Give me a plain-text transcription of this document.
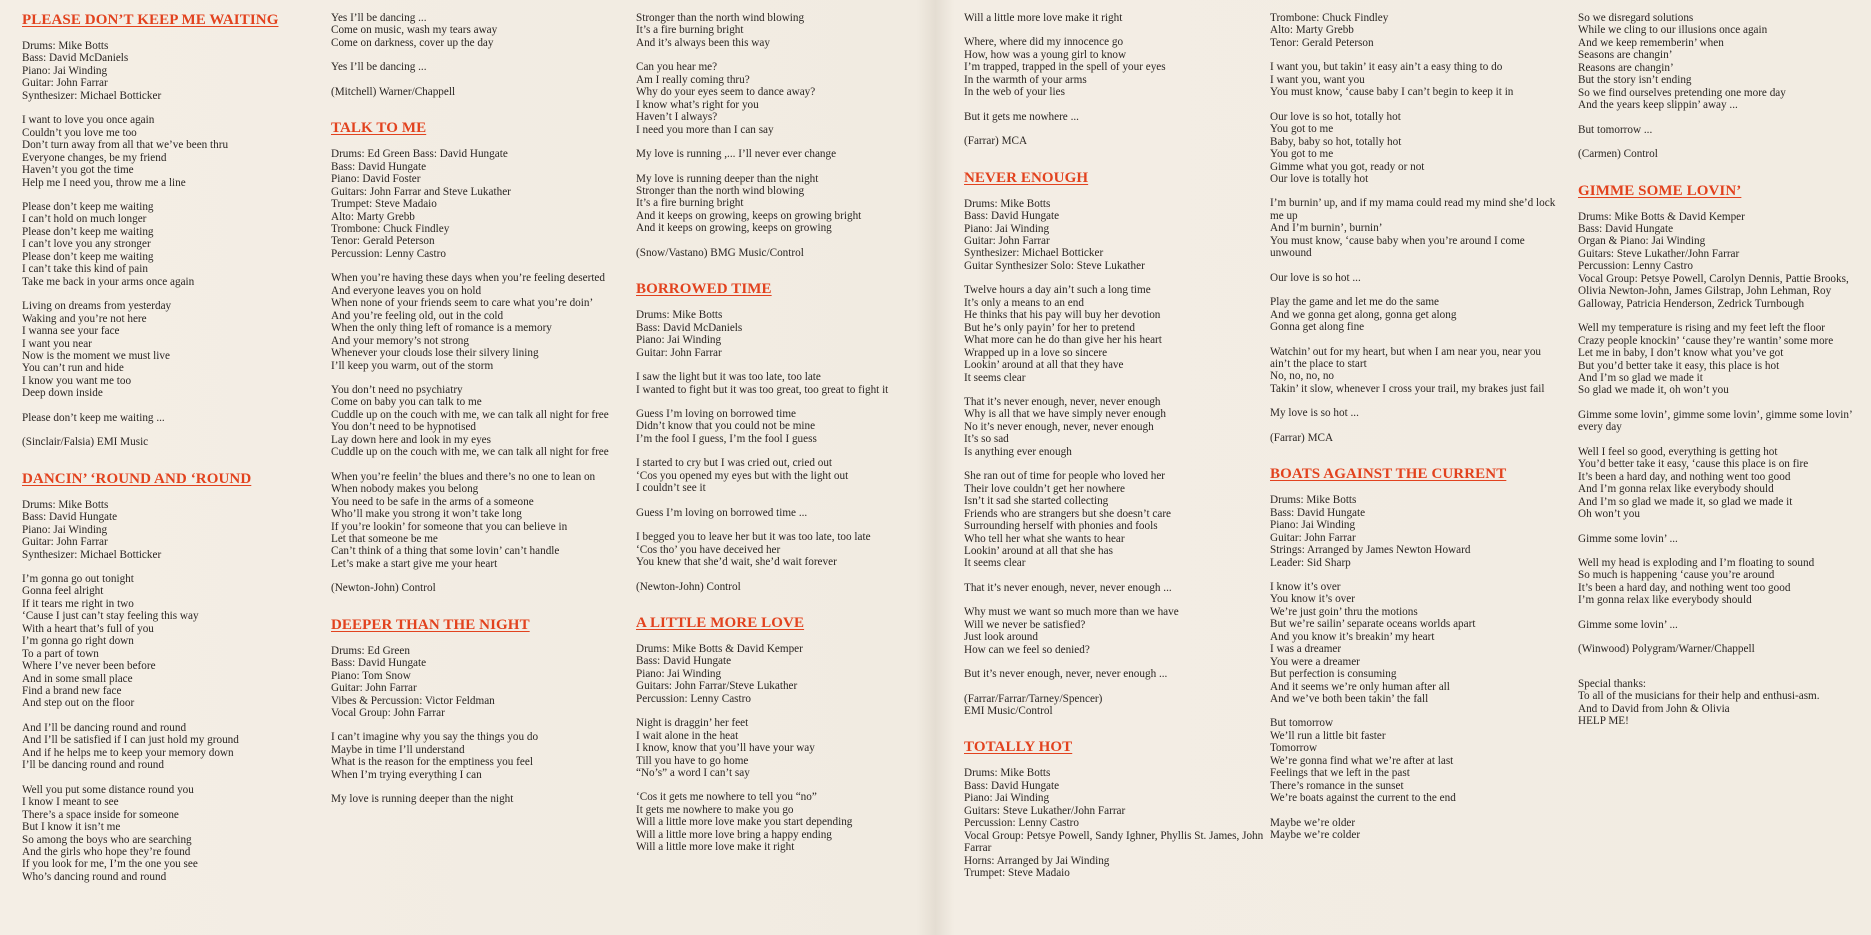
PLEASE DON’T KEEP ME WAITING

Drums: Mike Botts
Bass: David McDaniels
Piano: Jai Winding
Guitar: John Farrar
Synthesizer: Michael Botticker

I want to love you once again
Couldn’t you love me too
Don’t turn away from all that we’ve been thru
Everyone changes, be my friend
Haven’t you got the time
Help me I need you, throw me a line

Please don’t keep me waiting
I can’t hold on much longer
Please don’t keep me waiting
I can’t love you any stronger
Please don’t keep me waiting
I can’t take this kind of pain
Take me back in your arms once again

Living on dreams from yesterday
Waking and you’re not here
I wanna see your face
I want you near
Now is the moment we must live
You can’t run and hide
I know you want me too
Deep down inside

Please don’t keep me waiting ...

(Sinclair/Falsia) EMI Music

DANCIN’ ‘ROUND AND ‘ROUND

Drums: Mike Botts
Bass: David Hungate
Piano: Jai Winding
Guitar: John Farrar
Synthesizer: Michael Botticker

I’m gonna go out tonight
Gonna feel alright
If it tears me right in two
‘Cause I just can’t stay feeling this way
With a heart that’s full of you
I’m gonna go right down
To a part of town
Where I’ve never been before
And in some small place
Find a brand new face
And step out on the floor

And I’ll be dancing round and round
And I’ll be satisfied if I can just hold my ground
And if he helps me to keep your memory down
I’ll be dancing round and round

Well you put some distance round you
I know I meant to see
There’s a space inside for someone
But I know it isn’t me
So among the boys who are searching
And the girls who hope they’re found
If you look for me, I’m the one you see
Who’s dancing round and round

Yes I’ll be dancing ...
Come on music, wash my tears away
Come on darkness, cover up the day

Yes I’ll be dancing ...

(Mitchell) Warner/Chappell

TALK TO ME

Drums: Ed Green Bass: David Hungate
Bass: David Hungate
Piano: David Foster
Guitars: John Farrar and Steve Lukather
Trumpet: Steve Madaio
Alto: Marty Grebb
Trombone: Chuck Findley
Tenor: Gerald Peterson
Percussion: Lenny Castro

When you’re having these days when you’re feeling deserted
And everyone leaves you on hold
When none of your friends seem to care what you’re doin’
And you’re feeling old, out in the cold
When the only thing left of romance is a memory
And your memory’s not strong
Whenever your clouds lose their silvery lining
I’ll keep you warm, out of the storm

You don’t need no psychiatry
Come on baby you can talk to me
Cuddle up on the couch with me, we can talk all night for free
You don’t need to be hypnotised
Lay down here and look in my eyes
Cuddle up on the couch with me, we can talk all night for free

When you’re feelin’ the blues and there’s no one to lean on
When nobody makes you belong
You need to be safe in the arms of a someone
Who’ll make you strong it won’t take long
If you’re lookin’ for someone that you can believe in
Let that someone be me
Can’t think of a thing that some lovin’ can’t handle
Let’s make a start give me your heart

(Newton-John) Control

DEEPER THAN THE NIGHT

Drums: Ed Green
Bass: David Hungate
Piano: Tom Snow
Guitar: John Farrar
Vibes & Percussion: Victor Feldman
Vocal Group: John Farrar

I can’t imagine why you say the things you do
Maybe in time I’ll understand
What is the reason for the emptiness you feel
When I’m trying everything I can

My love is running deeper than the night

Stronger than the north wind blowing
It’s a fire burning bright
And it’s always been this way

Can you hear me?
Am I really coming thru?
Why do your eyes seem to dance away?
I know what’s right for you
Haven’t I always?
I need you more than I can say

My love is running ,... I’ll never ever change

My love is running deeper than the night
Stronger than the north wind blowing
It’s a fire burning bright
And it keeps on growing, keeps on growing bright
And it keeps on growing, keeps on growing

(Snow/Vastano) BMG Music/Control

BORROWED TIME

Drums: Mike Botts
Bass: David McDaniels
Piano: Jai Winding
Guitar: John Farrar

I saw the light but it was too late, too late
I wanted to fight but it was too great, too great to fight it

Guess I’m loving on borrowed time
Didn’t know that you could not be mine
I’m the fool I guess, I’m the fool I guess

I started to cry but I was cried out, cried out
‘Cos you opened my eyes but with the light out
I couldn’t see it

Guess I’m loving on borrowed time ...

I begged you to leave her but it was too late, too late
‘Cos tho’ you have deceived her
You knew that she’d wait, she’d wait forever

(Newton-John) Control

A LITTLE MORE LOVE

Drums: Mike Botts & David Kemper
Bass: David Hungate
Piano: Jai Winding
Guitars: John Farrar/Steve Lukather
Percussion: Lenny Castro

Night is draggin’ her feet
I wait alone in the heat
I know, know that you’ll have your way
Till you have to go home
“No’s” a word I can’t say

‘Cos it gets me nowhere to tell you “no”
It gets me nowhere to make you go
Will a little more love make you start depending
Will a little more love bring a happy ending
Will a little more love make it right

Will a little more love make it right

Where, where did my innocence go
How, how was a young girl to know
I’m trapped, trapped in the spell of your eyes
In the warmth of your arms
In the web of your lies

But it gets me nowhere ...

(Farrar) MCA

NEVER ENOUGH

Drums: Mike Botts
Bass: David Hungate
Piano: Jai Winding
Guitar: John Farrar
Synthesizer: Michael Botticker
Guitar Synthesizer Solo: Steve Lukather

Twelve hours a day ain’t such a long time
It’s only a means to an end
He thinks that his pay will buy her devotion
But he’s only payin’ for her to pretend
What more can he do than give her his heart
Wrapped up in a love so sincere
Lookin’ around at all that they have
It seems clear

That it’s never enough, never, never enough
Why is all that we have simply never enough
No it’s never enough, never, never enough
It’s so sad
Is anything ever enough

She ran out of time for people who loved her
Their love couldn’t get her nowhere
Isn’t it sad she started collecting
Friends who are strangers but she doesn’t care
Surrounding herself with phonies and fools
Who tell her what she wants to hear
Lookin’ around at all that she has
It seems clear

That it’s never enough, never, never enough ...

Why must we want so much more than we have
Will we never be satisfied?
Just look around
How can we feel so denied?

But it’s never enough, never, never enough ...

(Farrar/Farrar/Tarney/Spencer)
EMI Music/Control

TOTALLY HOT

Drums: Mike Botts
Bass: David Hungate
Piano: Jai Winding
Guitars: Steve Lukather/John Farrar
Percussion: Lenny Castro
Vocal Group: Petsye Powell, Sandy Ighner, Phyllis St. James, John Farrar
Horns: Arranged by Jai Winding
Trumpet: Steve Madaio

Trombone: Chuck Findley
Alto: Marty Grebb
Tenor: Gerald Peterson

I want you, but takin’ it easy ain’t a easy thing to do
I want you, want you
You must know, ‘cause baby I can’t begin to keep it in

Our love is so hot, totally hot
You got to me
Baby, baby so hot, totally hot
You got to me
Gimme what you got, ready or not
Our love is totally hot

I’m burnin’ up, and if my mama could read my mind she’d lock me up
And I’m burnin’, burnin’
You must know, ‘cause baby when you’re around I come unwound

Our love is so hot ...

Play the game and let me do the same
And we gonna get along, gonna get along
Gonna get along fine

Watchin’ out for my heart, but when I am near you, near you ain’t the place to start
No, no, no, no
Takin’ it slow, whenever I cross your trail, my brakes just fail

My love is so hot ...

(Farrar) MCA

BOATS AGAINST THE CURRENT

Drums: Mike Botts
Bass: David Hungate
Piano: Jai Winding
Guitar: John Farrar
Strings: Arranged by James Newton Howard
Leader: Sid Sharp

I know it’s over
You know it’s over
We’re just goin’ thru the motions
But we’re sailin’ separate oceans worlds apart
And you know it’s breakin’ my heart
I was a dreamer
You were a dreamer
But perfection is consuming
And it seems we’re only human after all
And we’ve both been takin’ the fall

But tomorrow
We’ll run a little bit faster
Tomorrow
We’re gonna find what we’re after at last
Feelings that we left in the past
There’s romance in the sunset
We’re boats against the current to the end

Maybe we’re older
Maybe we’re colder

So we disregard solutions
While we cling to our illusions once again
And we keep rememberin’ when
Seasons are changin’
Reasons are changin’
But the story isn’t ending
So we find ourselves pretending one more day
And the years keep slippin’ away ...

But tomorrow ...

(Carmen) Control

GIMME SOME LOVIN’

Drums: Mike Botts & David Kemper
Bass: David Hungate
Organ & Piano: Jai Winding
Guitars: Steve Lukather/John Farrar
Percussion: Lenny Castro
Vocal Group: Petsye Powell, Carolyn Dennis, Pattie Brooks, Olivia Newton-John, James Gilstrap, John Lehman, Roy Galloway, Patricia Henderson, Zedrick Turnbough

Well my temperature is rising and my feet left the floor
Crazy people knockin’ ‘cause they’re wantin’ some more
Let me in baby, I don’t know what you’ve got
But you’d better take it easy, this place is hot
And I’m so glad we made it
So glad we made it, oh won’t you

Gimme some lovin’, gimme some lovin’, gimme some lovin’ every day

Well I feel so good, everything is getting hot
You’d better take it easy, ‘cause this place is on fire
It’s been a hard day, and nothing went too good
And I’m gonna relax like everybody should
And I’m so glad we made it, so glad we made it
Oh won’t you

Gimme some lovin’ ...

Well my head is exploding and I’m floating to sound
So much is happening ‘cause you’re around
It’s been a hard day, and nothing went too good
I’m gonna relax like everybody should

Gimme some lovin’ ...

(Winwood) Polygram/Warner/Chappell

Special thanks:
To all of the musicians for their help and enthusi-asm.
And to David from John & Olivia
HELP ME!
